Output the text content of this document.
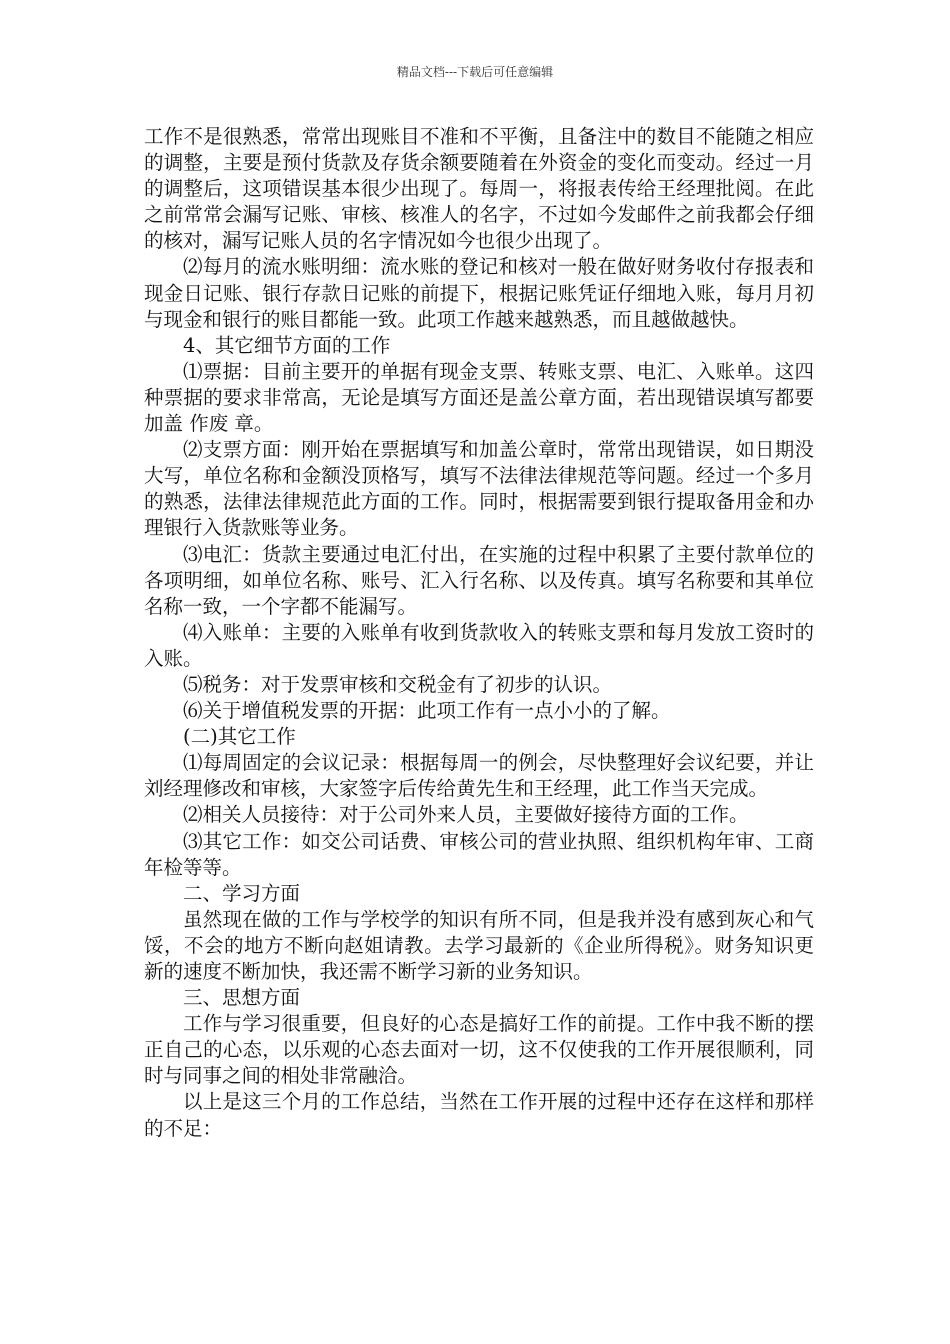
精品文档---下载后可任意编辑

工作不是很熟悉，常常出现账目不准和不平衡，且备注中的数目不能随之相应的调整，主要是预付货款及存货余额要随着在外资金的变化而变动。经过一月的调整后，这项错误基本很少出现了。每周一，将报表传给王经理批阅。在此之前常常会漏写记账、审核、核准人的名字，不过如今发邮件之前我都会仔细的核对，漏写记账人员的名字情况如今也很少出现了。

⑵每月的流水账明细：流水账的登记和核对一般在做好财务收付存报表和现金日记账、银行存款日记账的前提下，根据记账凭证仔细地入账，每月月初与现金和银行的账目都能一致。此项工作越来越熟悉，而且越做越快。

4、其它细节方面的工作

⑴票据：目前主要开的单据有现金支票、转账支票、电汇、入账单。这四种票据的要求非常高，无论是填写方面还是盖公章方面，若出现错误填写都要加盖 作废 章。

⑵支票方面：刚开始在票据填写和加盖公章时，常常出现错误，如日期没大写，单位名称和金额没顶格写，填写不法律法律规范等问题。经过一个多月的熟悉，法律法律规范此方面的工作。同时，根据需要到银行提取备用金和办理银行入货款账等业务。

⑶电汇：货款主要通过电汇付出，在实施的过程中积累了主要付款单位的各项明细，如单位名称、账号、汇入行名称、以及传真。填写名称要和其单位名称一致，一个字都不能漏写。

⑷入账单：主要的入账单有收到货款收入的转账支票和每月发放工资时的入账。

⑸税务：对于发票审核和交税金有了初步的认识。

⑹关于增值税发票的开据：此项工作有一点小小的了解。

(二)其它工作

⑴每周固定的会议记录：根据每周一的例会，尽快整理好会议纪要，并让刘经理修改和审核，大家签字后传给黄先生和王经理，此工作当天完成。

⑵相关人员接待：对于公司外来人员，主要做好接待方面的工作。

⑶其它工作：如交公司话费、审核公司的营业执照、组织机构年审、工商年检等等。

二、学习方面

虽然现在做的工作与学校学的知识有所不同，但是我并没有感到灰心和气馁，不会的地方不断向赵姐请教。去学习最新的《企业所得税》。财务知识更新的速度不断加快，我还需不断学习新的业务知识。

三、思想方面

工作与学习很重要，但良好的心态是搞好工作的前提。工作中我不断的摆正自己的心态，以乐观的心态去面对一切，这不仅使我的工作开展很顺利，同时与同事之间的相处非常融洽。

以上是这三个月的工作总结，当然在工作开展的过程中还存在这样和那样的不足：
